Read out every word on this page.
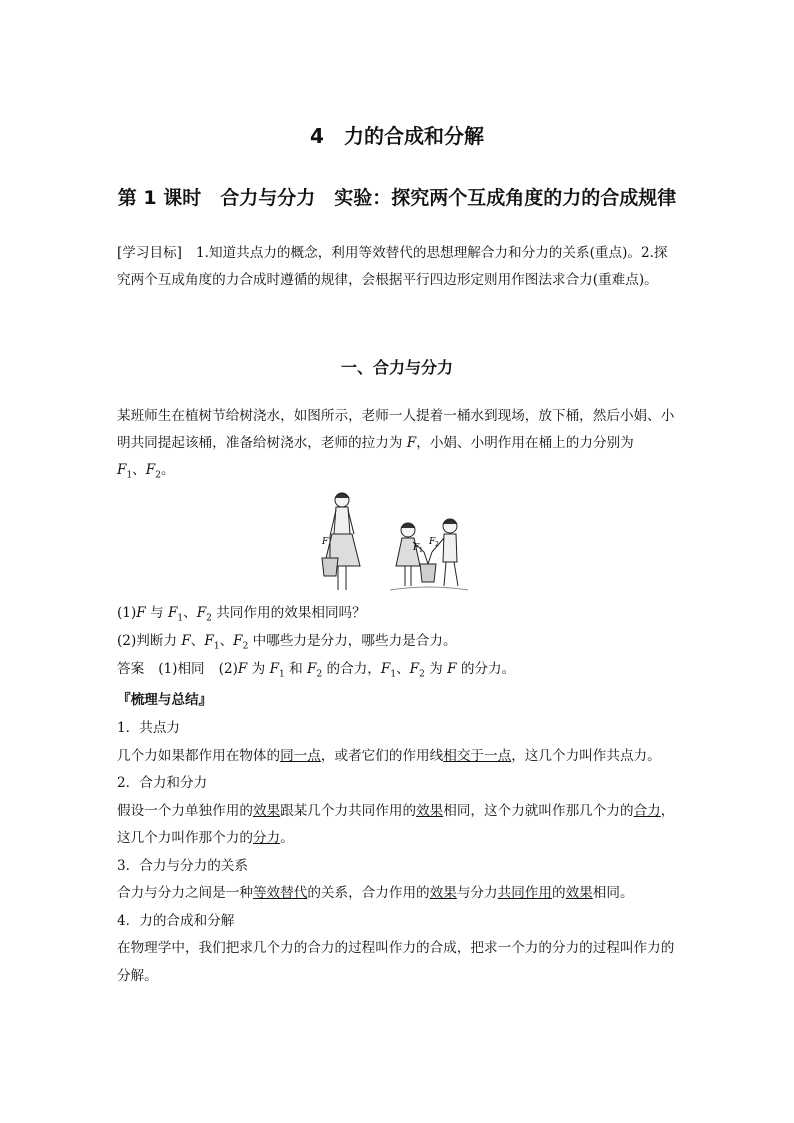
4　力的合成和分解
第 1 课时　合力与分力　实验：探究两个互成角度的力的合成规律
[学习目标] 1.知道共点力的概念，利用等效替代的思想理解合力和分力的关系(重点)。2.探究两个互成角度的力合成时遵循的规律，会根据平行四边形定则用作图法求合力(重难点)。
一、合力与分力
某班师生在植树节给树浇水，如图所示，老师一人提着一桶水到现场，放下桶，然后小娟、小明共同提起该桶，准备给树浇水，老师的拉力为 F，小娟、小明作用在桶上的力分别为
$F_1$、$F_2$。
F
F 1
F 2
(1)F 与 $F_1$、$F_2$ 共同作用的效果相同吗？
(2)判断力 F、$F_1$、$F_2$ 中哪些力是分力，哪些力是合力。
答案 (1)相同 (2)F 为 $F_1$ 和 $F_2$ 的合力，$F_1$、$F_2$ 为 F 的分力。
『梳理与总结』

1．共点力

几个力如果都作用在物体的同一点，或者它们的作用线相交于一点，这几个力叫作共点力。

2．合力和分力

假设一个力单独作用的效果跟某几个力共同作用的效果相同，这个力就叫作那几个力的合力，这几个力叫作那个力的分力。

3．合力与分力的关系

合力与分力之间是一种等效替代的关系，合力作用的效果与分力共同作用的效果相同。

4．力的合成和分解

在物理学中，我们把求几个力的合力的过程叫作力的合成，把求一个力的分力的过程叫作力的分解。
